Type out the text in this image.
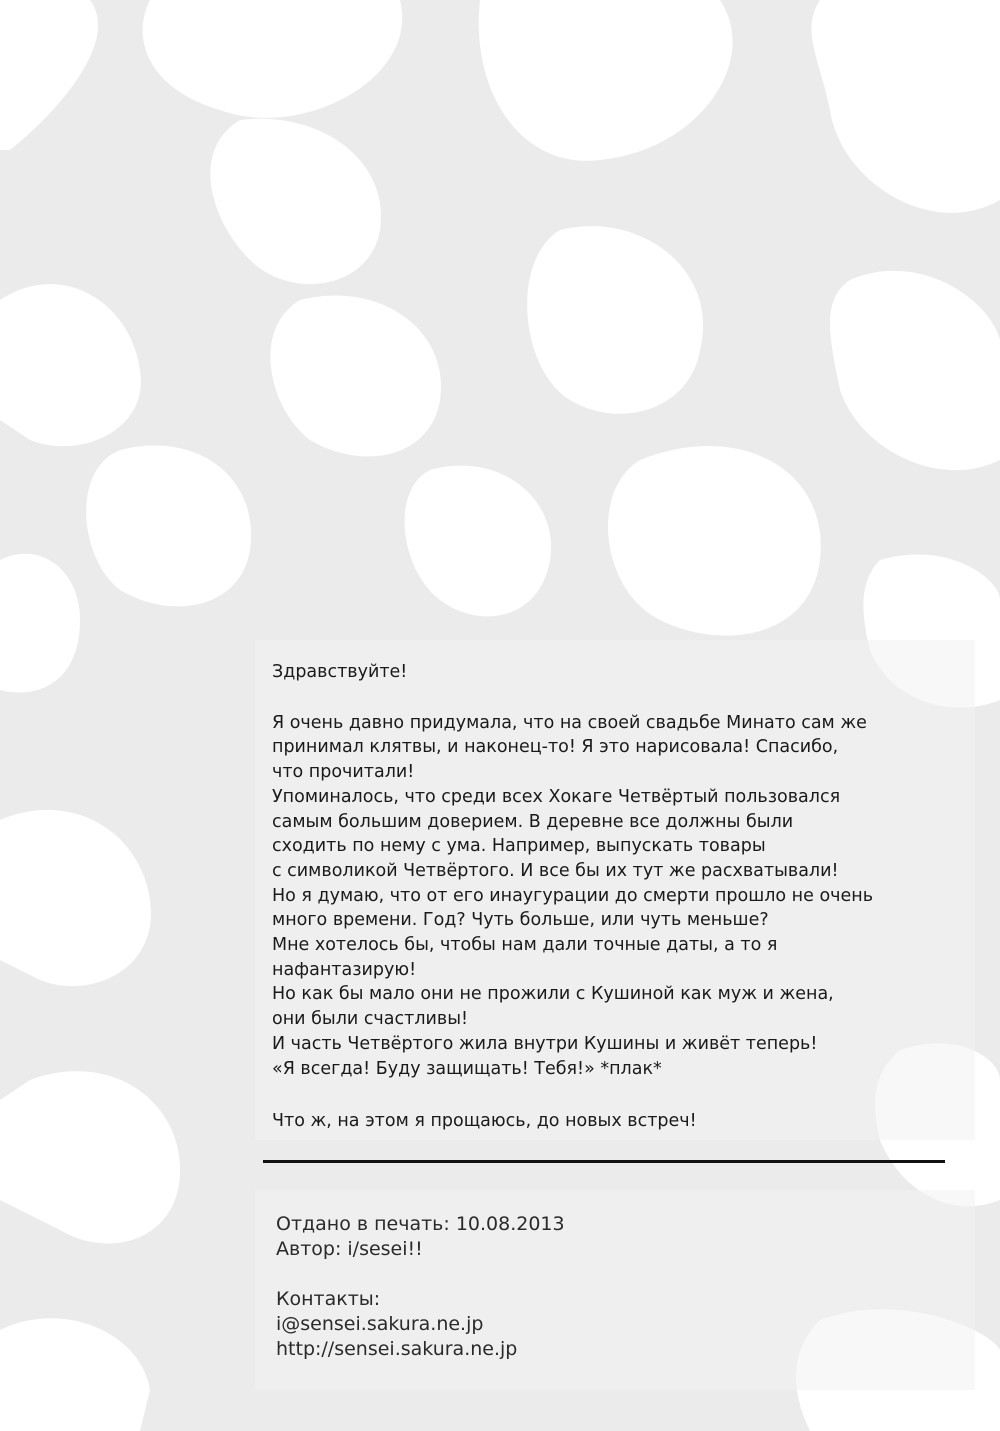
Здравствуйте!

Я очень давно придумала, что на своей свадьбе Минато сам же

принимал клятвы, и наконец-то! Я это нарисовала! Спасибо,

что прочитали!

Упоминалось, что среди всех Хокаге Четвёртый пользовался

самым большим доверием. В деревне все должны были

сходить по нему с ума. Например, выпускать товары

с символикой Четвёртого. И все бы их тут же расхватывали!

Но я думаю, что от его инаугурации до смерти прошло не очень

много времени. Год? Чуть больше, или чуть меньше?

Мне хотелось бы, чтобы нам дали точные даты, а то я

нафантазирую!

Но как бы мало они не прожили с Кушиной как муж и жена,

они были счастливы!

И часть Четвёртого жила внутри Кушины и живёт теперь!

«Я всегда! Буду защищать! Тебя!» *плак*

Что ж, на этом я прощаюсь, до новых встреч!

Отдано в печать: 10.08.2013

Автор: i/sesei!!

Контакты:

i@sensei.sakura.ne.jp

http://sensei.sakura.ne.jp
